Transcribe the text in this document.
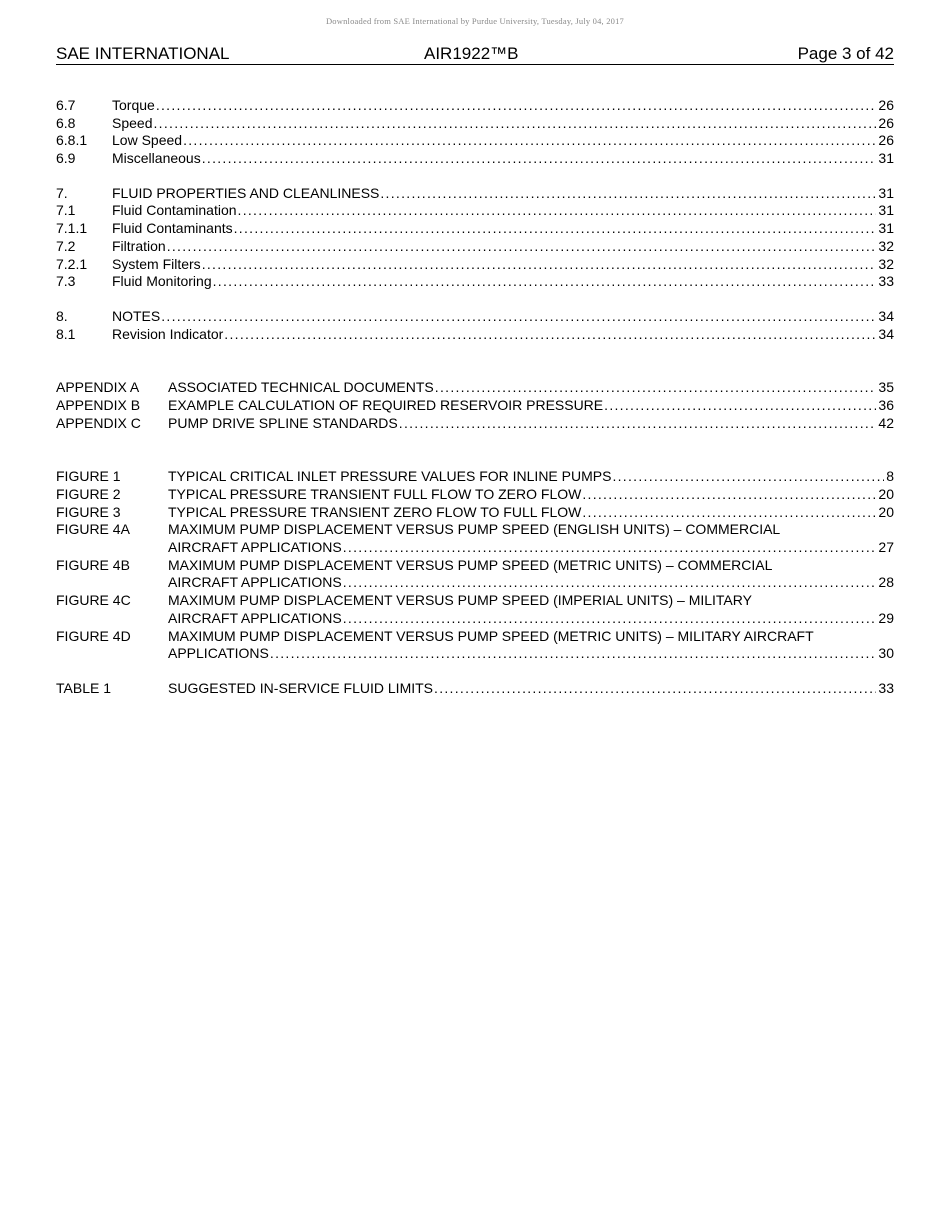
Downloaded from SAE International by Purdue University, Tuesday, July 04, 2017
SAE INTERNATIONAL	AIR1922™B	Page 3 of 42
6.7	Torque . . .	26
6.8	Speed . . .	26
6.8.1 Low Speed . . .	26
6.9	Miscellaneous . . .	31
7.	FLUID PROPERTIES AND CLEANLINESS . . .	31
7.1	Fluid Contamination . . .	31
7.1.1 Fluid Contaminants . . .	31
7.2	Filtration . . .	32
7.2.1 System Filters . . .	32
7.3	Fluid Monitoring . . .	33
8.	NOTES . . .	34
8.1	Revision Indicator . . .	34
APPENDIX A ASSOCIATED TECHNICAL DOCUMENTS . . .	35
APPENDIX B EXAMPLE CALCULATION OF REQUIRED RESERVOIR PRESSURE . . .	36
APPENDIX C PUMP DRIVE SPLINE STANDARDS . . .	42
FIGURE 1	TYPICAL CRITICAL INLET PRESSURE VALUES FOR INLINE PUMPS . . .	8
FIGURE 2	TYPICAL PRESSURE TRANSIENT FULL FLOW TO ZERO FLOW . . .	20
FIGURE 3	TYPICAL PRESSURE TRANSIENT ZERO FLOW TO FULL FLOW . . .	20
FIGURE 4A	MAXIMUM PUMP DISPLACEMENT VERSUS PUMP SPEED (ENGLISH UNITS) – COMMERCIAL
AIRCRAFT APPLICATIONS . . .	27
FIGURE 4B	MAXIMUM PUMP DISPLACEMENT VERSUS PUMP SPEED (METRIC UNITS) – COMMERCIAL
AIRCRAFT APPLICATIONS . . .	28
FIGURE 4C	MAXIMUM PUMP DISPLACEMENT VERSUS PUMP SPEED (IMPERIAL UNITS) – MILITARY
AIRCRAFT APPLICATIONS . . .	29
FIGURE 4D	MAXIMUM PUMP DISPLACEMENT VERSUS PUMP SPEED (METRIC UNITS) – MILITARY AIRCRAFT
APPLICATIONS . . .	30
TABLE 1	SUGGESTED IN-SERVICE FLUID LIMITS . . .	33
